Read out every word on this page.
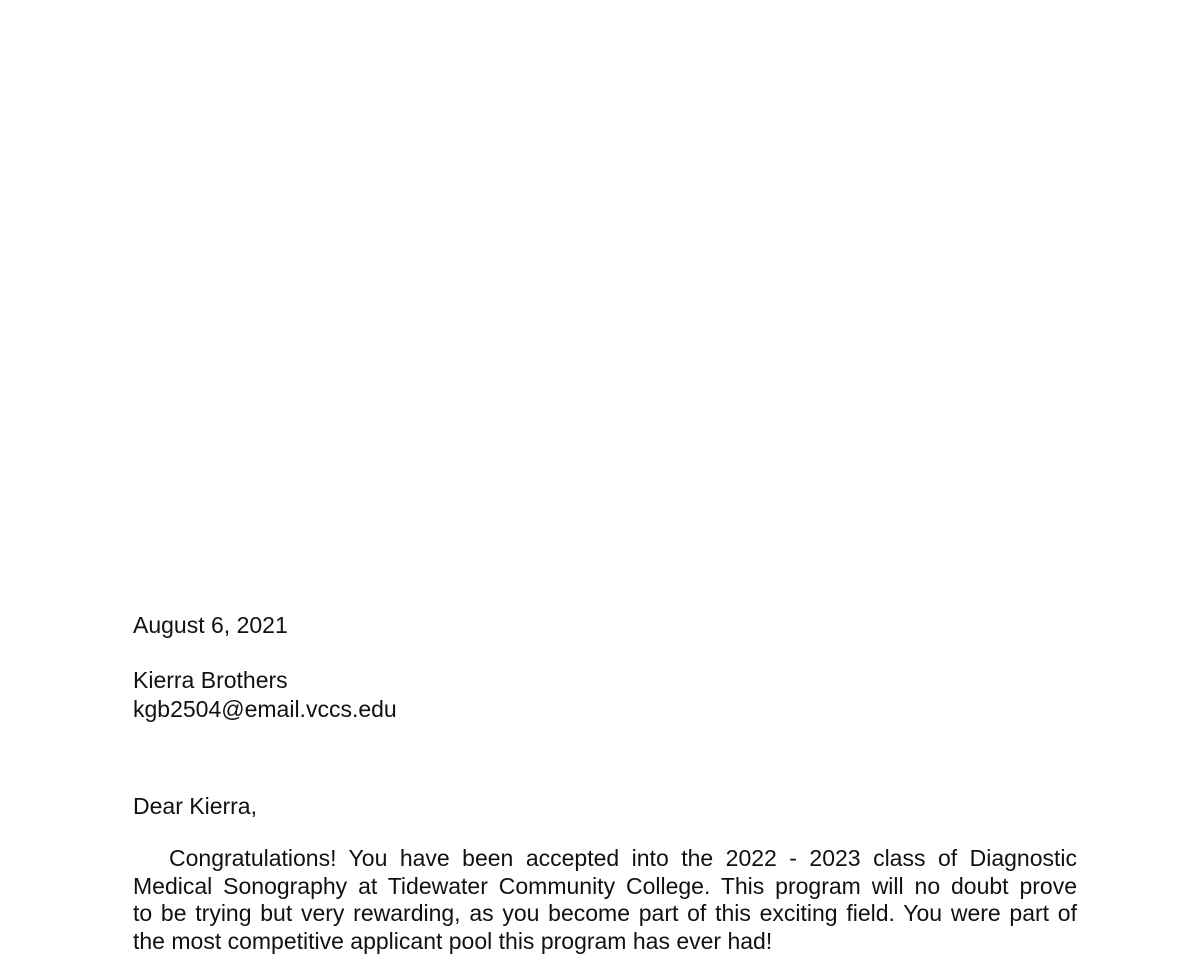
August 6, 2021
Kierra Brothers
kgb2504@email.vccs.edu
Dear Kierra,
Congratulations! You have been accepted into the 2022 - 2023 class of Diagnostic
Medical Sonography at Tidewater Community College. This program will no doubt prove
to be trying but very rewarding, as you become part of this exciting field. You were part of
the most competitive applicant pool this program has ever had!
